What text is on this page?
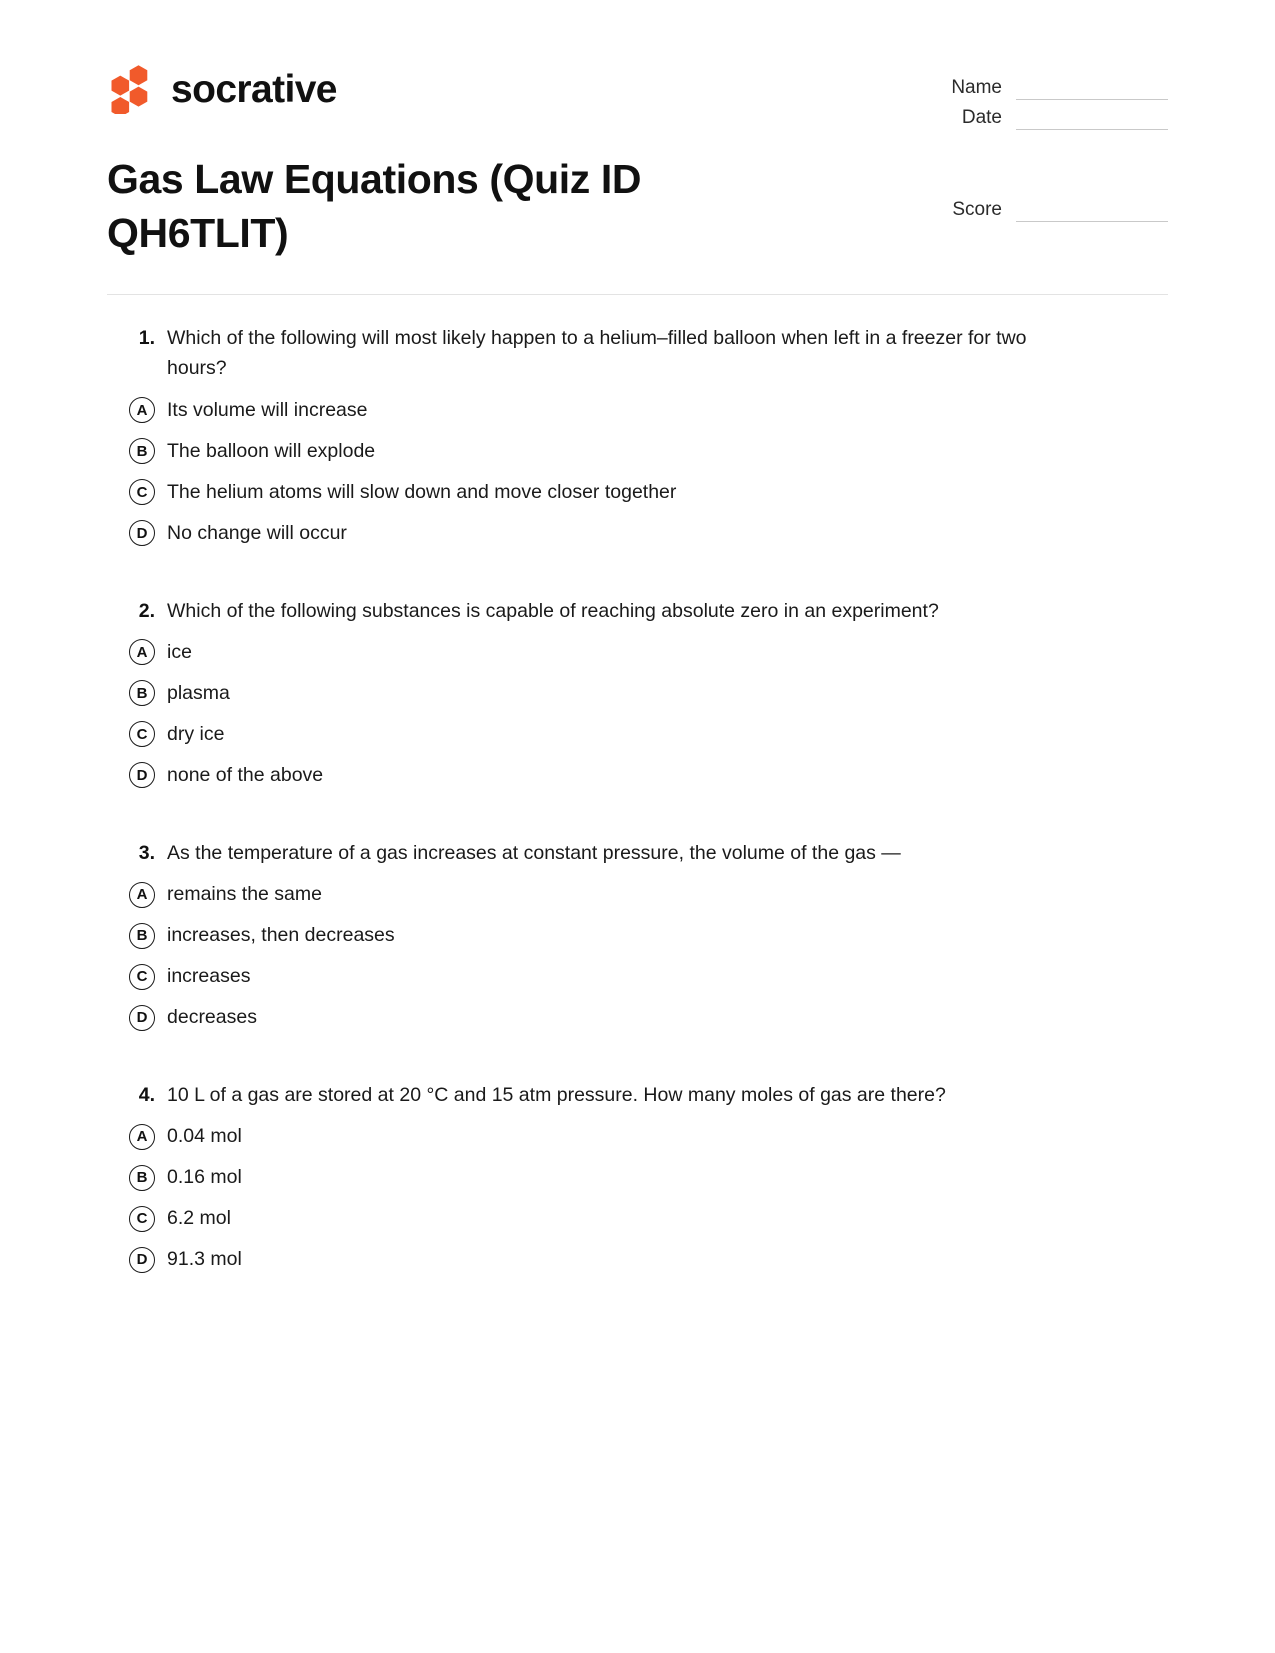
socrative	Name
Date
Gas Law Equations (Quiz ID QH6TLIT)
Score
1. Which of the following will most likely happen to a helium–filled balloon when left in a freezer for two hours?
A	Its volume will increase
B	The balloon will explode
C	The helium atoms will slow down and move closer together
D	No change will occur
2. Which of the following substances is capable of reaching absolute zero in an experiment?
A	ice
B	plasma
C	dry ice
D	none of the above
3. As the temperature of a gas increases at constant pressure, the volume of the gas —
A	remains the same
B	increases, then decreases
C	increases
D	decreases
4. 10 L of a gas are stored at 20 °C and 15 atm pressure. How many moles of gas are there?
A	0.04 mol
B	0.16 mol
C	6.2 mol
D	91.3 mol
